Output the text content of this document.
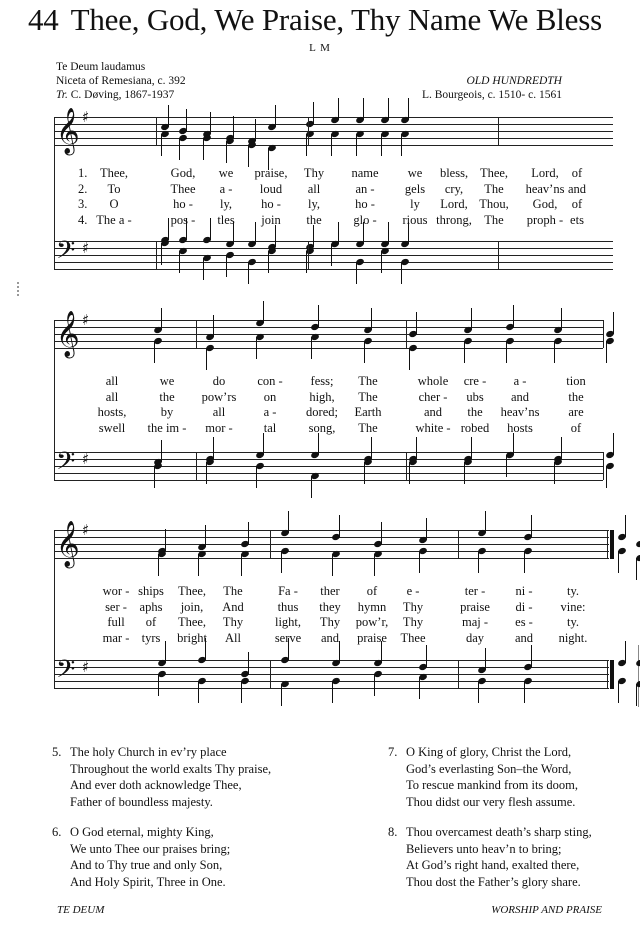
44 Thee, God, We Praise, Thy Name We Bless
L M
Te Deum laudamus
Niceta of Remesiana, c. 392
Tr. C. Døving, 1867-1937
OLD HUNDREDTH
L. Bourgeois, c. 1510- c. 1561
𝄞 ♯
𝄢 ♯
1. Thee,	God, we praise, Thy name we bless, Thee, Lord, of
2. To	Thee a - loud all	an - gels cry, The heav’ns and
3. O	ho - ly, ho - ly,	ho -	ly Lord, Thou, God, of
4. The a -	pos - tles join the	glo - rious throng, The proph - ets
𝄞 ♯
𝄢 ♯
all	we	do	con - fess; The	whole cre - a -	tion
all	the pow’rs on	high, The	cher - ubs and	the
hosts,	by	all	a - dored; Earth	and the heav’ns are
swell the im - mor - tal	song, The	white - robed hosts	of
𝄞 ♯
𝄢 ♯
wor - ships Thee, The	Fa - ther of e -	ter - ni -	ty.
ser - aphs join, And	thus they hymn Thy	praise di - vine:
full of Thee, Thy	light, Thy pow’r, Thy	maj - es -	ty.
mar - tyrs bright All	serve and praise Thee	day and night.
5. The holy Church in ev’ry place
Throughout the world exalts Thy praise,
And ever doth acknowledge Thee,
Father of boundless majesty.
6. O God eternal, mighty King,
We unto Thee our praises bring;
And to Thy true and only Son,
And Holy Spirit, Three in One.
7. O King of glory, Christ the Lord,
God’s everlasting Son–the Word,
To rescue mankind from its doom,
Thou didst our very flesh assume.
8. Thou overcamest death’s sharp sting,
Believers unto heav’n to bring;
At God’s right hand, exalted there,
Thou dost the Father’s glory share.
TE DEUM	WORSHIP AND PRAISE
